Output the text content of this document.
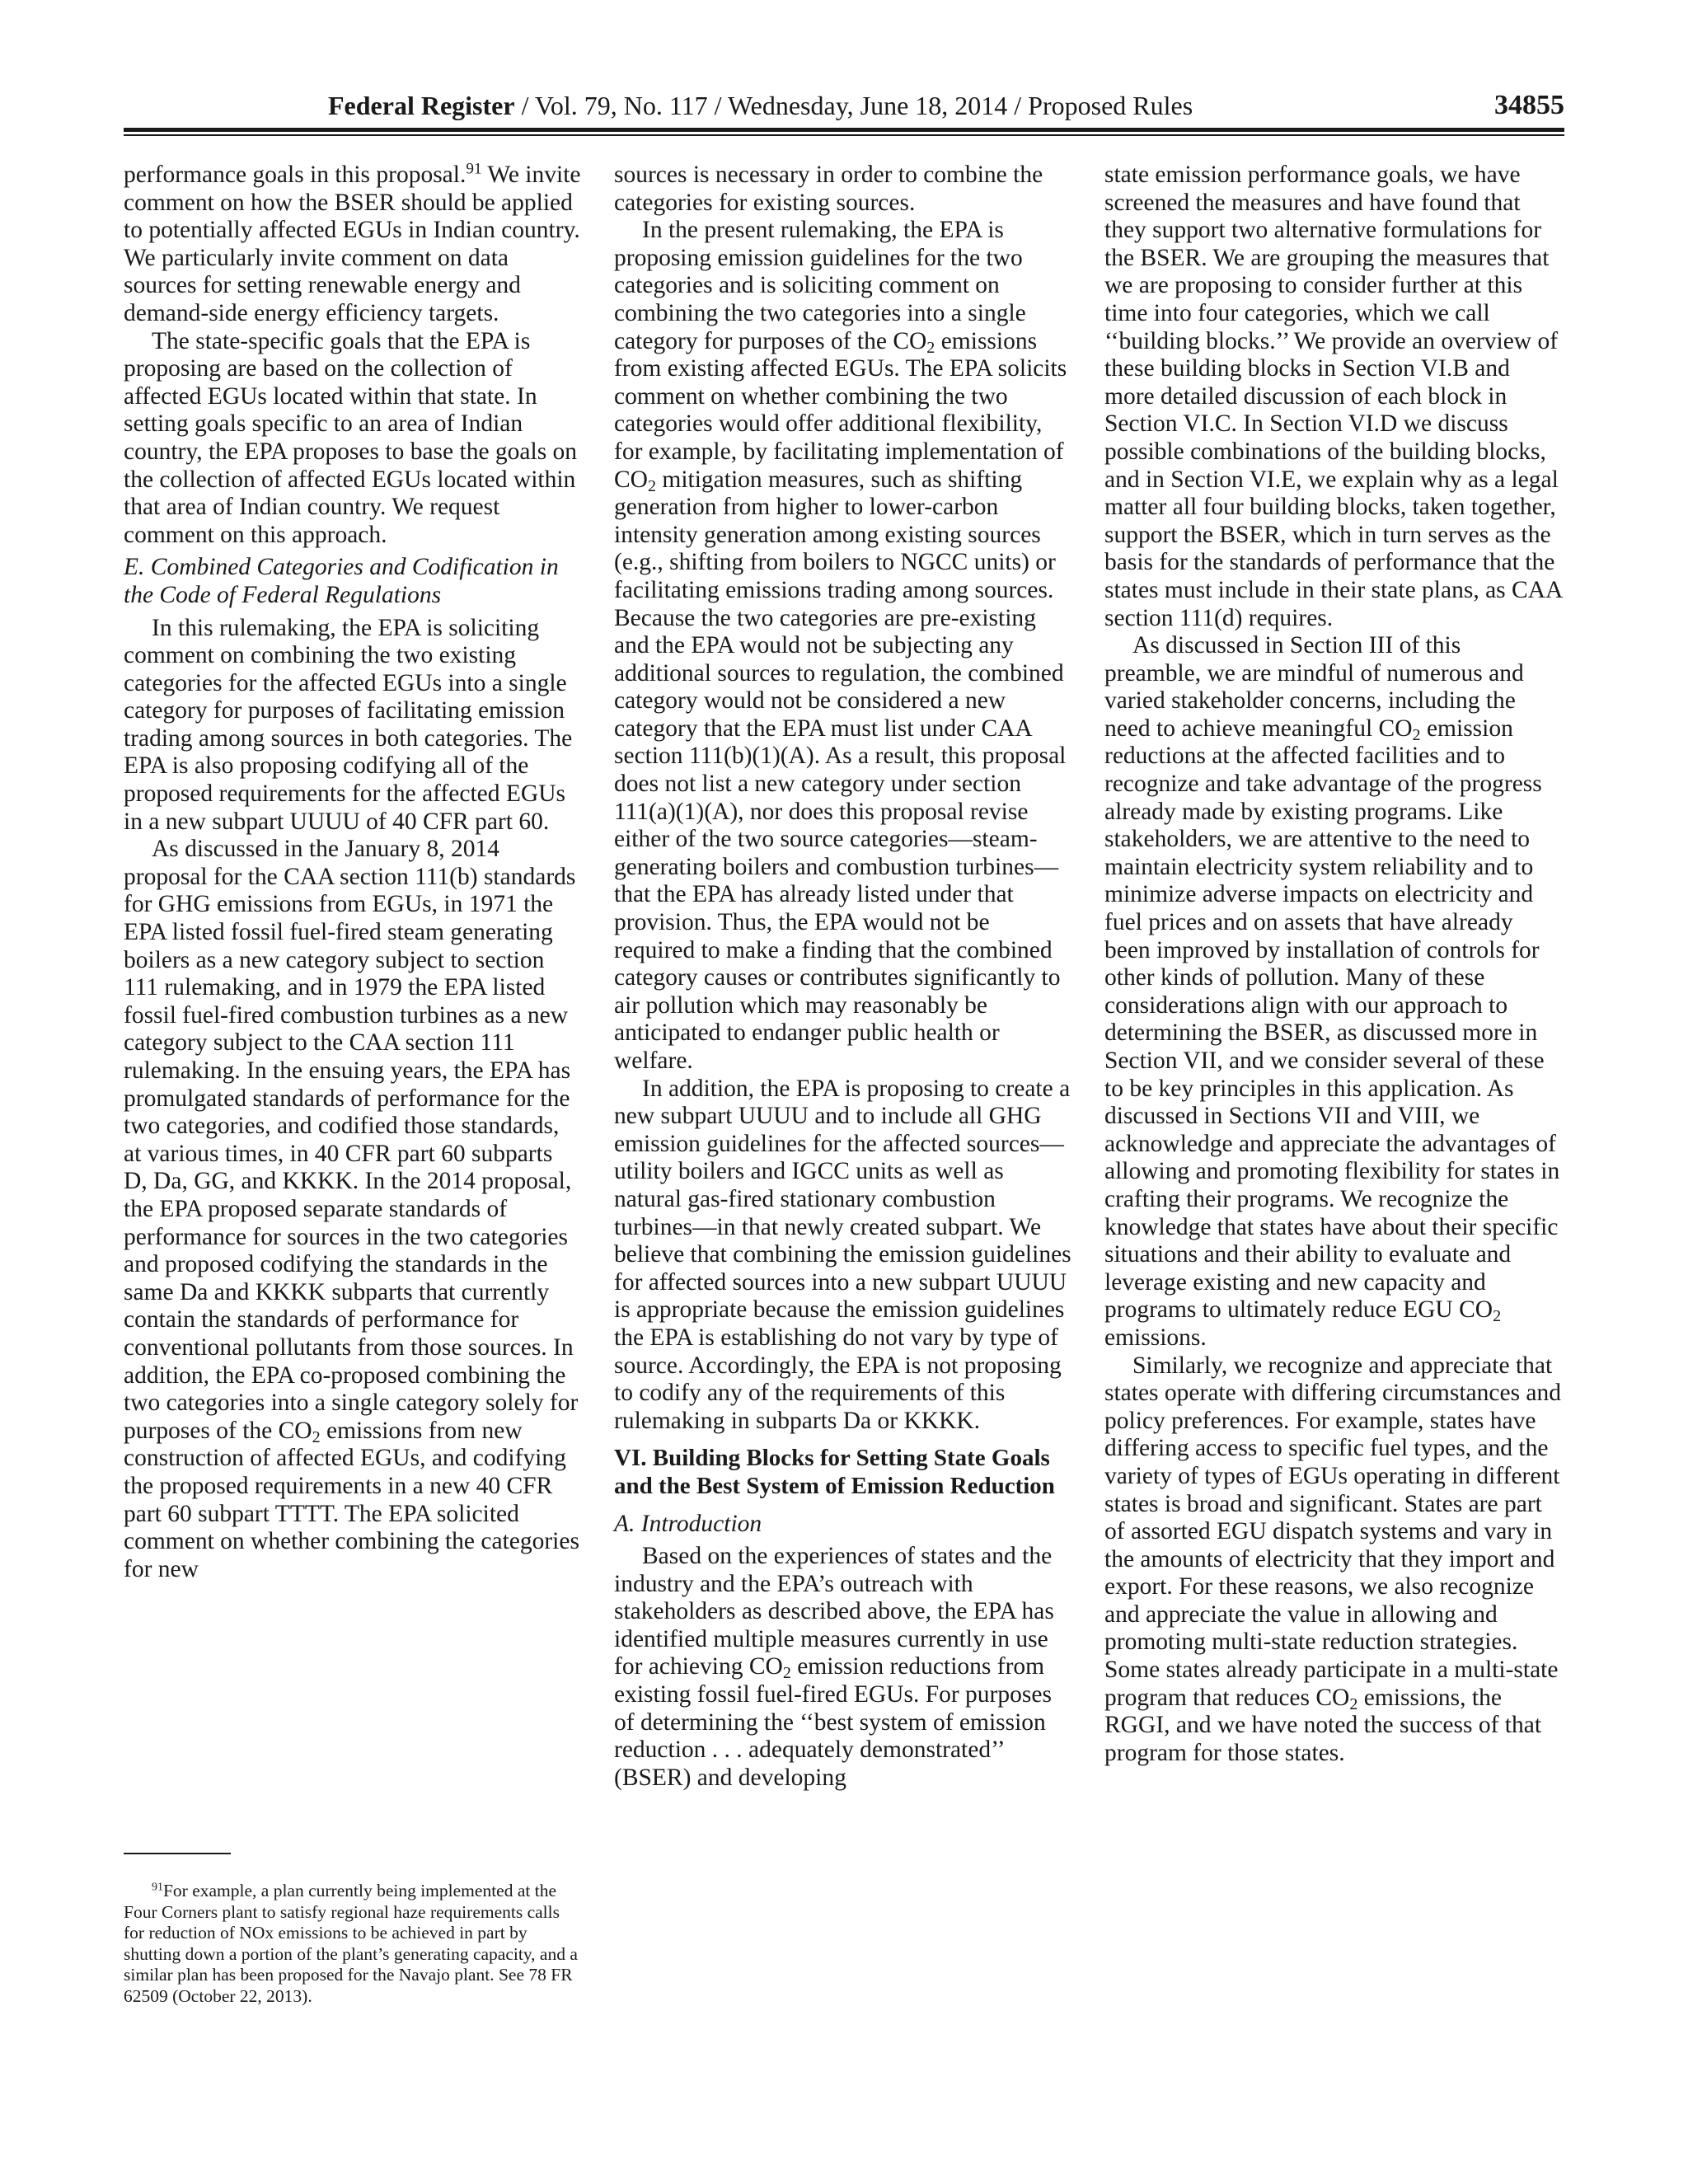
Federal Register / Vol. 79, No. 117 / Wednesday, June 18, 2014 / Proposed Rules	34855

performance goals in this proposal.$^{91}$ We invite comment on how the BSER should be applied to potentially affected EGUs in Indian country. We particularly invite comment on data sources for setting renewable energy and demand-side energy efficiency targets.

The state-specific goals that the EPA is proposing are based on the collection of affected EGUs located within that state. In setting goals specific to an area of Indian country, the EPA proposes to base the goals on the collection of affected EGUs located within that area of Indian country. We request comment on this approach.

E. Combined Categories and Codification in the Code of Federal Regulations

In this rulemaking, the EPA is soliciting comment on combining the two existing categories for the affected EGUs into a single category for purposes of facilitating emission trading among sources in both categories. The EPA is also proposing codifying all of the proposed requirements for the affected EGUs in a new subpart UUUU of 40 CFR part 60.

As discussed in the January 8, 2014 proposal for the CAA section 111(b) standards for GHG emissions from EGUs, in 1971 the EPA listed fossil fuel-fired steam generating boilers as a new category subject to section 111 rulemaking, and in 1979 the EPA listed fossil fuel-fired combustion turbines as a new category subject to the CAA section 111 rulemaking. In the ensuing years, the EPA has promulgated standards of performance for the two categories, and codified those standards, at various times, in 40 CFR part 60 subparts D, Da, GG, and KKKK. In the 2014 proposal, the EPA proposed separate standards of performance for sources in the two categories and proposed codifying the standards in the same Da and KKKK subparts that currently contain the standards of performance for conventional pollutants from those sources. In addition, the EPA co-proposed combining the two categories into a single category solely for purposes of the $CO_2$ emissions from new construction of affected EGUs, and codifying the proposed requirements in a new 40 CFR part 60 subpart TTTT. The EPA solicited comment on whether combining the categories for new

$^{91}$For example, a plan currently being implemented at the Four Corners plant to satisfy regional haze requirements calls for reduction of NOx emissions to be achieved in part by shutting down a portion of the plant’s generating capacity, and a similar plan has been proposed for the Navajo plant. See 78 FR 62509 (October 22, 2013).

sources is necessary in order to combine the categories for existing sources.

In the present rulemaking, the EPA is proposing emission guidelines for the two categories and is soliciting comment on combining the two categories into a single category for purposes of the $CO_2$ emissions from existing affected EGUs. The EPA solicits comment on whether combining the two categories would offer additional flexibility, for example, by facilitating implementation of $CO_2$ mitigation measures, such as shifting generation from higher to lower-carbon intensity generation among existing sources (e.g., shifting from boilers to NGCC units) or facilitating emissions trading among sources. Because the two categories are pre-existing and the EPA would not be subjecting any additional sources to regulation, the combined category would not be considered a new category that the EPA must list under CAA section 111(b)(1)(A). As a result, this proposal does not list a new category under section 111(a)(1)(A), nor does this proposal revise either of the two source categories—steam-generating boilers and combustion turbines—that the EPA has already listed under that provision. Thus, the EPA would not be required to make a finding that the combined category causes or contributes significantly to air pollution which may reasonably be anticipated to endanger public health or welfare.

In addition, the EPA is proposing to create a new subpart UUUU and to include all GHG emission guidelines for the affected sources—utility boilers and IGCC units as well as natural gas-fired stationary combustion turbines—in that newly created subpart. We believe that combining the emission guidelines for affected sources into a new subpart UUUU is appropriate because the emission guidelines the EPA is establishing do not vary by type of source. Accordingly, the EPA is not proposing to codify any of the requirements of this rulemaking in subparts Da or KKKK.

VI. Building Blocks for Setting State Goals and the Best System of Emission Reduction

A. Introduction

Based on the experiences of states and the industry and the EPA’s outreach with stakeholders as described above, the EPA has identified multiple measures currently in use for achieving $CO_2$ emission reductions from existing fossil fuel-fired EGUs. For purposes of determining the ‘‘best system of emission reduction . . . adequately demonstrated’’ (BSER) and developing

state emission performance goals, we have screened the measures and have found that they support two alternative formulations for the BSER. We are grouping the measures that we are proposing to consider further at this time into four categories, which we call ‘‘building blocks.’’ We provide an overview of these building blocks in Section VI.B and more detailed discussion of each block in Section VI.C. In Section VI.D we discuss possible combinations of the building blocks, and in Section VI.E, we explain why as a legal matter all four building blocks, taken together, support the BSER, which in turn serves as the basis for the standards of performance that the states must include in their state plans, as CAA section 111(d) requires.

As discussed in Section III of this preamble, we are mindful of numerous and varied stakeholder concerns, including the need to achieve meaningful $CO_2$ emission reductions at the affected facilities and to recognize and take advantage of the progress already made by existing programs. Like stakeholders, we are attentive to the need to maintain electricity system reliability and to minimize adverse impacts on electricity and fuel prices and on assets that have already been improved by installation of controls for other kinds of pollution. Many of these considerations align with our approach to determining the BSER, as discussed more in Section VII, and we consider several of these to be key principles in this application. As discussed in Sections VII and VIII, we acknowledge and appreciate the advantages of allowing and promoting flexibility for states in crafting their programs. We recognize the knowledge that states have about their specific situations and their ability to evaluate and leverage existing and new capacity and programs to ultimately reduce EGU $CO_2$ emissions.

Similarly, we recognize and appreciate that states operate with differing circumstances and policy preferences. For example, states have differing access to specific fuel types, and the variety of types of EGUs operating in different states is broad and significant. States are part of assorted EGU dispatch systems and vary in the amounts of electricity that they import and export. For these reasons, we also recognize and appreciate the value in allowing and promoting multi-state reduction strategies. Some states already participate in a multi-state program that reduces $CO_2$ emissions, the RGGI, and we have noted the success of that program for those states.
